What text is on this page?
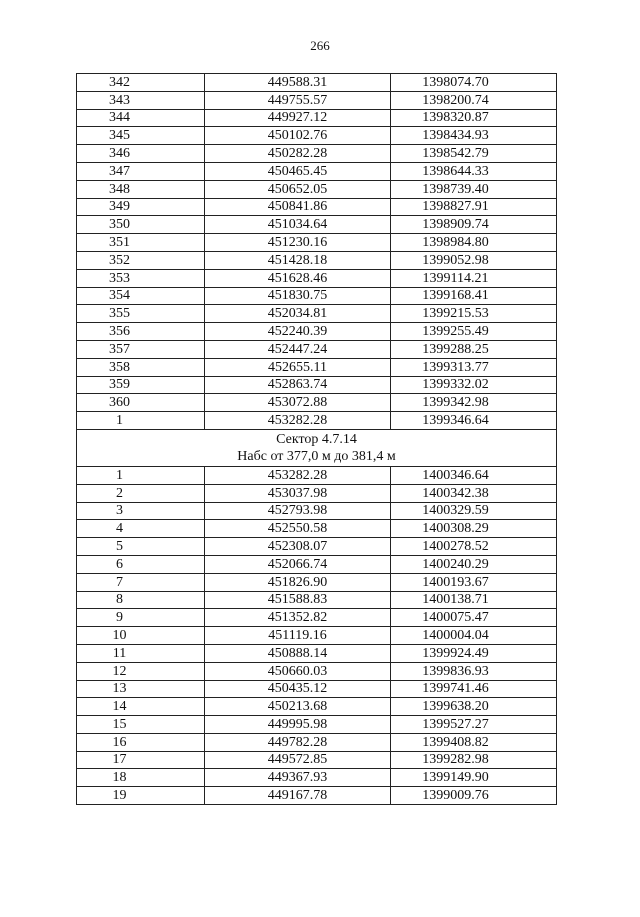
266
342	449588.31	1398074.70
343	449755.57	1398200.74
344	449927.12	1398320.87
345	450102.76	1398434.93
346	450282.28	1398542.79
347	450465.45	1398644.33
348	450652.05	1398739.40
349	450841.86	1398827.91
350	451034.64	1398909.74
351	451230.16	1398984.80
352	451428.18	1399052.98
353	451628.46	1399114.21
354	451830.75	1399168.41
355	452034.81	1399215.53
356	452240.39	1399255.49
357	452447.24	1399288.25
358	452655.11	1399313.77
359	452863.74	1399332.02
360	453072.88	1399342.98
1	453282.28	1399346.64

Сектор 4.7.14
Набс от 377,0 м до 381,4 м		

1	453282.28	1400346.64
2	453037.98	1400342.38
3	452793.98	1400329.59
4	452550.58	1400308.29
5	452308.07	1400278.52
6	452066.74	1400240.29
7	451826.90	1400193.67
8	451588.83	1400138.71
9	451352.82	1400075.47
10	451119.16	1400004.04
11	450888.14	1399924.49
12	450660.03	1399836.93
13	450435.12	1399741.46
14	450213.68	1399638.20
15	449995.98	1399527.27
16	449782.28	1399408.82
17	449572.85	1399282.98
18	449367.93	1399149.90
19	449167.78	1399009.76
